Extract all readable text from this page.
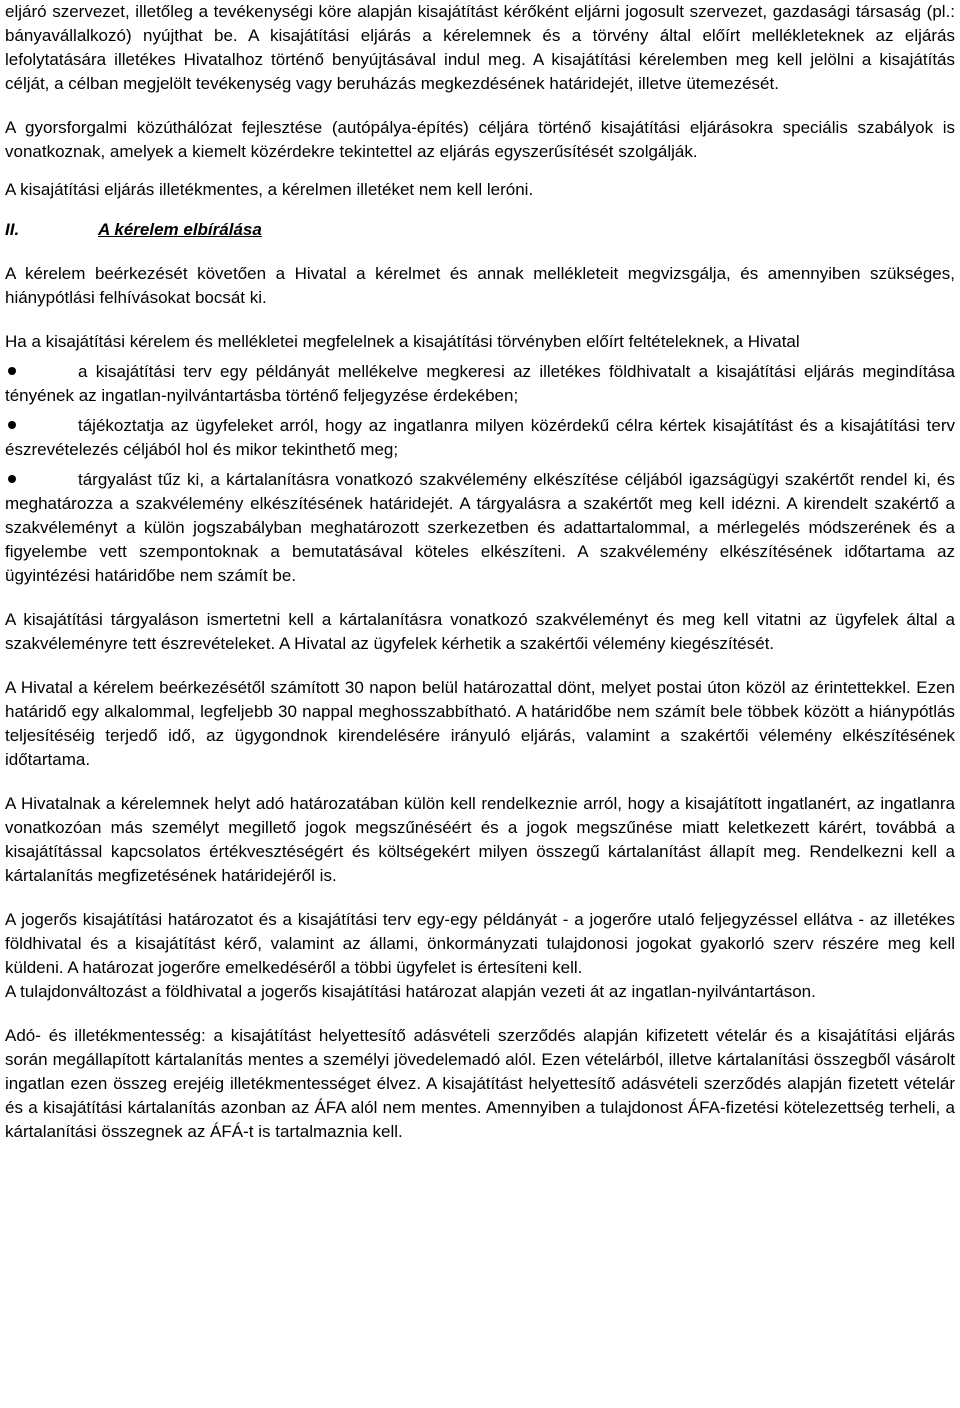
eljáró szervezet, illetőleg a tevékenységi köre alapján kisajátítást kérőként eljárni jogosult szervezet, gazdasági társaság (pl.: bányavállalkozó) nyújthat be. A kisajátítási eljárás a kérelemnek és a törvény által előírt mellékleteknek az eljárás lefolytatására illetékes Hivatalhoz történő benyújtásával indul meg. A kisajátítási kérelemben meg kell jelölni a kisajátítás célját, a célban megjelölt tevékenység vagy beruházás megkezdésének határidejét, illetve ütemezését.

A gyorsforgalmi közúthálózat fejlesztése (autópálya-építés) céljára történő kisajátítási eljárásokra speciális szabályok is vonatkoznak, amelyek a kiemelt közérdekre tekintettel az eljárás egyszerűsítését szolgálják.

A kisajátítási eljárás illetékmentes, a kérelmen illetéket nem kell leróni.

II.	A kérelem elbírálása

A kérelem beérkezését követően a Hivatal a kérelmet és annak mellékleteit megvizsgálja, és amennyiben szükséges, hiánypótlási felhívásokat bocsát ki.

Ha a kisajátítási kérelem és mellékletei megfelelnek a kisajátítási törvényben előírt feltételeknek, a Hivatal

a kisajátítási terv egy példányát mellékelve megkeresi az illetékes földhivatalt a kisajátítási eljárás megindítása tényének az ingatlan-nyilvántartásba történő feljegyzése érdekében;
tájékoztatja az ügyfeleket arról, hogy az ingatlanra milyen közérdekű célra kértek kisajátítást és a kisajátítási terv észrevételezés céljából hol és mikor tekinthető meg;
tárgyalást tűz ki, a kártalanításra vonatkozó szakvélemény elkészítése céljából igazságügyi szakértőt rendel ki, és meghatározza a szakvélemény elkészítésének határidejét. A tárgyalásra a szakértőt meg kell idézni. A kirendelt szakértő a szakvéleményt a külön jogszabályban meghatározott szerkezetben és adattartalommal, a mérlegelés módszerének és a figyelembe vett szempontoknak a bemutatásával köteles elkészíteni. A szakvélemény elkészítésének időtartama az ügyintézési határidőbe nem számít be.

A kisajátítási tárgyaláson ismertetni kell a kártalanításra vonatkozó szakvéleményt és meg kell vitatni az ügyfelek által a szakvéleményre tett észrevételeket. A Hivatal az ügyfelek kérhetik a szakértői vélemény kiegészítését.

A Hivatal a kérelem beérkezésétől számított 30 napon belül határozattal dönt, melyet postai úton közöl az érintettekkel. Ezen határidő egy alkalommal, legfeljebb 30 nappal meghosszabbítható. A határidőbe nem számít bele többek között a hiánypótlás teljesítéséig terjedő idő, az ügygondnok kirendelésére irányuló eljárás, valamint a szakértői vélemény elkészítésének időtartama.

A Hivatalnak a kérelemnek helyt adó határozatában külön kell rendelkeznie arról, hogy a kisajátított ingatlanért, az ingatlanra vonatkozóan más személyt megillető jogok megszűnéséért és a jogok megszűnése miatt keletkezett kárért, továbbá a kisajátítással kapcsolatos értékvesztéségért és költségekért milyen összegű kártalanítást állapít meg. Rendelkezni kell a kártalanítás megfizetésének határidejéről is.

A jogerős kisajátítási határozatot és a kisajátítási terv egy-egy példányát - a jogerőre utaló feljegyzéssel ellátva - az illetékes földhivatal és a kisajátítást kérő, valamint az állami, önkormányzati tulajdonosi jogokat gyakorló szerv részére meg kell küldeni. A határozat jogerőre emelkedéséről a többi ügyfelet is értesíteni kell.

A tulajdonváltozást a földhivatal a jogerős kisajátítási határozat alapján vezeti át az ingatlan-nyilvántartáson.

Adó- és illetékmentesség: a kisajátítást helyettesítő adásvételi szerződés alapján kifizetett vételár és a kisajátítási eljárás során megállapított kártalanítás mentes a személyi jövedelemadó alól. Ezen vételárból, illetve kártalanítási összegből vásárolt ingatlan ezen összeg erejéig illetékmentességet élvez. A kisajátítást helyettesítő adásvételi szerződés alapján fizetett vételár és a kisajátítási kártalanítás azonban az ÁFA alól nem mentes. Amennyiben a tulajdonost ÁFA-fizetési kötelezettség terheli, a kártalanítási összegnek az ÁFÁ-t is tartalmaznia kell.
